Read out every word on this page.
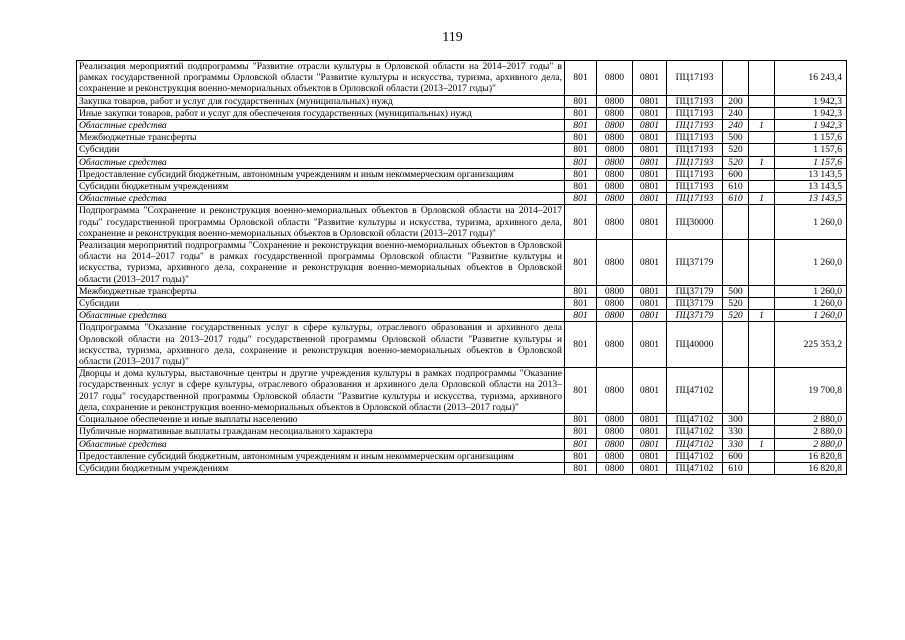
119
Реализация мероприятий подпрограммы "Развитие отрасли культуры в Орловской области на 2014–2017 годы" в рамках государственной программы Орловской области "Развитие культуры и искусства, туризма, архивного дела, сохранение и реконструкция военно-мемориальных объектов в Орловской области (2013–2017 годы)"	801	0800	0801	ПЦ17193			16 243,4
Закупка товаров, работ и услуг для государственных (муниципальных) нужд	801	0800	0801	ПЦ17193	200		1 942,3
Иные закупки товаров, работ и услуг для обеспечения государственных (муниципальных) нужд	801	0800	0801	ПЦ17193	240		1 942,3
Областные средства	801	0800	0801	ПЦ17193	240	1	1 942,3
Межбюджетные трансферты	801	0800	0801	ПЦ17193	500		1 157,6
Субсидии	801	0800	0801	ПЦ17193	520		1 157,6
Областные средства	801	0800	0801	ПЦ17193	520	1	1 157,6
Предоставление субсидий бюджетным, автономным учреждениям и иным некоммерческим организациям	801	0800	0801	ПЦ17193	600		13 143,5
Субсидии бюджетным учреждениям	801	0800	0801	ПЦ17193	610		13 143,5
Областные средства	801	0800	0801	ПЦ17193	610	1	13 143,5
Подпрограмма "Сохранение и реконструкция военно-мемориальных объектов в Орловской области на 2014–2017 годы" государственной программы Орловской области "Развитие культуры и искусства, туризма, архивного дела, сохранение и реконструкция военно-мемориальных объектов в Орловской области (2013–2017 годы)"	801	0800	0801	ПЦ30000			1 260,0
Реализация мероприятий подпрограммы "Сохранение и реконструкция военно-мемориальных объектов в Орловской области на 2014–2017 годы" в рамках государственной программы Орловской области "Развитие культуры и искусства, туризма, архивного дела, сохранение и реконструкция военно-мемориальных объектов в Орловской области (2013–2017 годы)"	801	0800	0801	ПЦ37179			1 260,0
Межбюджетные трансферты	801	0800	0801	ПЦ37179	500		1 260,0
Субсидии	801	0800	0801	ПЦ37179	520		1 260,0
Областные средства	801	0800	0801	ПЦ37179	520	1	1 260,0
Подпрограмма "Оказание государственных услуг в сфере культуры, отраслевого образования и архивного дела Орловской области на 2013–2017 годы" государственной программы Орловской области "Развитие культуры и искусства, туризма, архивного дела, сохранение и реконструкция военно-мемориальных объектов в Орловской области (2013–2017 годы)"	801	0800	0801	ПЦ40000			225 353,2
Дворцы и дома культуры, выставочные центры и другие учреждения культуры в рамках подпрограммы "Оказание государственных услуг в сфере культуры, отраслевого образования и архивного дела Орловской области на 2013–2017 годы" государственной программы Орловской области "Развитие культуры и искусства, туризма, архивного дела, сохранение и реконструкция военно-мемориальных объектов в Орловской области (2013–2017 годы)"	801	0800	0801	ПЦ47102			19 700,8
Социальное обеспечение и иные выплаты населению	801	0800	0801	ПЦ47102	300		2 880,0
Публичные нормативные выплаты гражданам несоциального характера	801	0800	0801	ПЦ47102	330		2 880,0
Областные средства	801	0800	0801	ПЦ47102	330	1	2 880,0
Предоставление субсидий бюджетным, автономным учреждениям и иным некоммерческим организациям	801	0800	0801	ПЦ47102	600		16 820,8
Субсидии бюджетным учреждениям	801	0800	0801	ПЦ47102	610		16 820,8
